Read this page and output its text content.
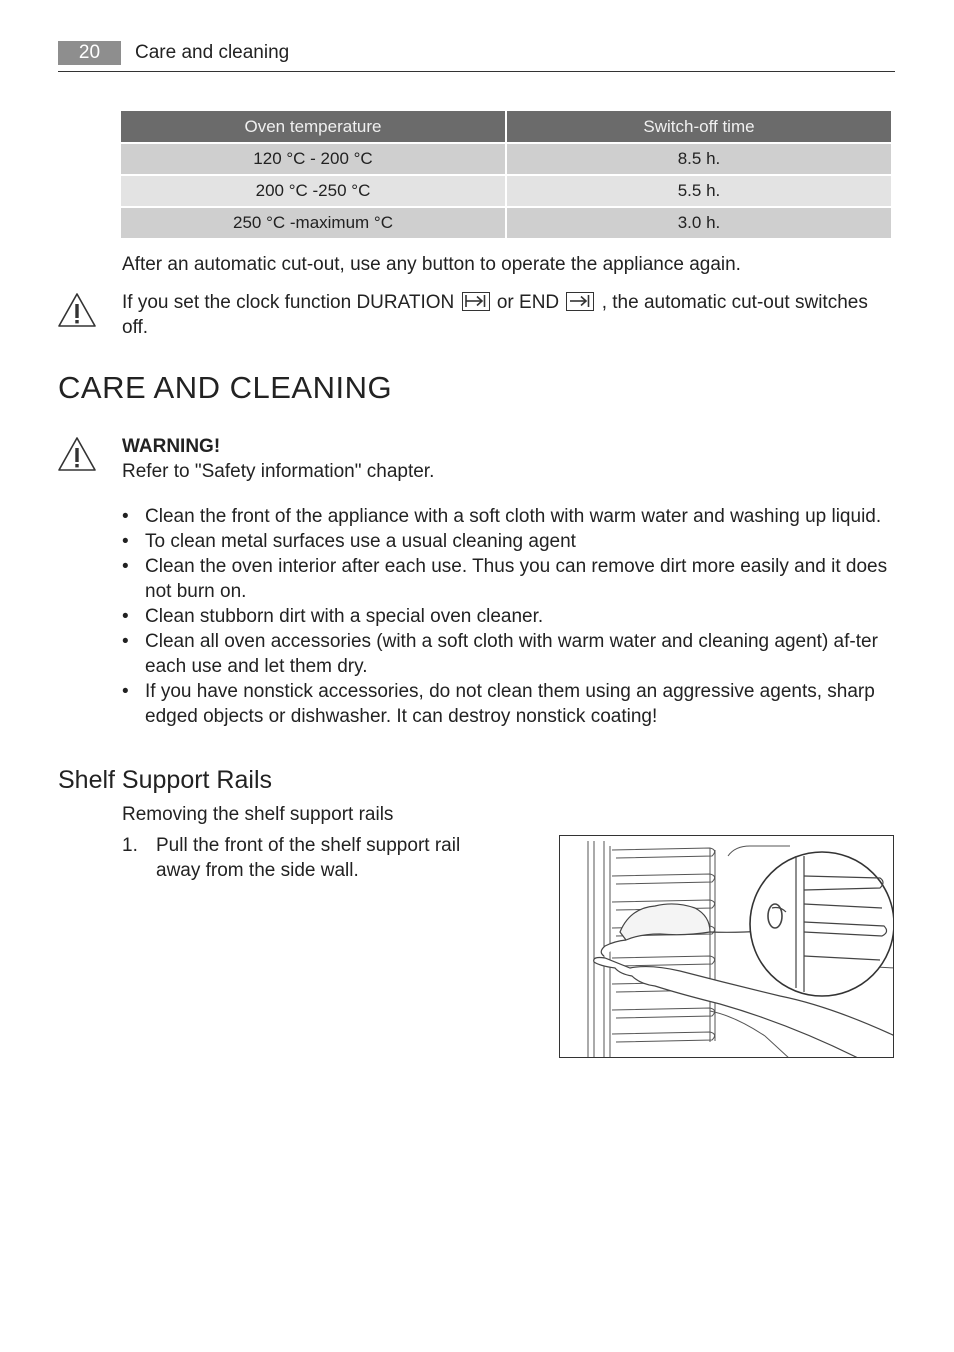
20	Care and cleaning
Oven temperature	Switch-off time
120 °C - 200 °C	8.5 h.
200 °C -250 °C	5.5 h.
250 °C -maximum °C	3.0 h.
After an automatic cut-out, use any button to operate the appliance again.
If you set the clock function DURATION or END , the automatic cut-out switches
off.
CARE AND CLEANING
WARNING!
Refer to "Safety information" chapter.
• Clean the front of the appliance with a soft cloth with warm water and washing up liquid.
• To clean metal surfaces use a usual cleaning agent
• Clean the oven interior after each use. Thus you can remove dirt more easily and it does not burn on.
• Clean stubborn dirt with a special oven cleaner.
• Clean all oven accessories (with a soft cloth with warm water and cleaning agent) af-ter each use and let them dry.
• If you have nonstick accessories, do not clean them using an aggressive agents, sharp edged objects or dishwasher. It can destroy nonstick coating!
Shelf Support Rails
Removing the shelf support rails
1. Pull the front of the shelf support rail away from the side wall.
